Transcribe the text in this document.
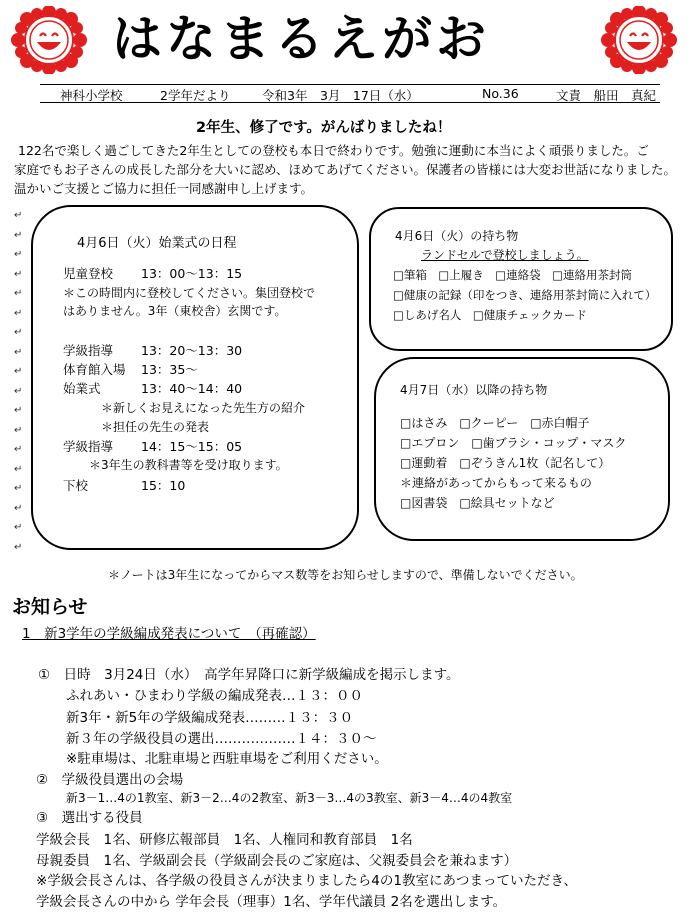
はなまるえがお
神科小学校	2学年だより	令和3年　3月　17日（水）	No.36	文責　船田　真紀
2年生、修了です。がんばりましたね！
122名で楽しく過ごしてきた2年生としての登校も本日で終わりです。勉強に運動に本当によく頑張りました。ご
家庭でもお子さんの成長した部分を大いに認め、ほめてあげてください。保護者の皆様には大変お世話になりました。
温かいご支援とご協力に担任一同感謝申し上げます。
↵
↵
↵
↵
↵
↵
↵
↵
↵
↵
↵
↵
↵
↵
↵
↵
↵
↵
4月6日（火）始業式の日程
児童登校 13：00～13：15
＊この時間内に登校してください。集団登校で
はありません。3年（東校舎）玄関です。
学級指導 13：20～13：30
体育館入場 13：35～
始業式	13：40～14：40
＊新しくお見えになった先生方の紹介
＊担任の先生の発表
学級指導 14：15～15：05
＊3年生の教科書等を受け取ります。
下校	15：10
4月6日（火）の持ち物
ランドセルで登校しましょう。
□筆箱　□上履き　□連絡袋　□連絡用茶封筒
□健康の記録（印をつき、連絡用茶封筒に入れて）
□しあげ名人　□健康チェックカード
4月7日（水）以降の持ち物
□はさみ　□クーピー　□赤白帽子
□エプロン　□歯ブラシ・コップ・マスク
□運動着　□ぞうきん1枚（記名して）
＊連絡があってからもって来るもの
□図書袋　□絵具セットなど
＊ノートは3年生になってからマス数等をお知らせしますので、準備しないでください。
お知らせ
1　新3学年の学級編成発表について　（再確認）
①　日時　3月24日（水）　高学年昇降口に新学級編成を掲示します。
ふれあい・ひまわり学級の編成発表…１３：００
新3年・新5年の学級編成発表………１３：３０
新３年の学級役員の選出………………１４：３０～
※駐車場は、北駐車場と西駐車場をご利用ください。
②　学級役員選出の会場
新3－1…4の1教室、新3－2…4の2教室、新3－3…4の3教室、新3－4…4の4教室
③　選出する役員
学級会長　1名、研修広報部員　1名、人権同和教育部員　1名
母親委員　1名、学級副会長（学級副会長のご家庭は、父親委員会を兼ねます）
※学級会長さんは、各学級の役員さんが決まりましたら4の1教室にあつまっていただき、
学級会長さんの中から 学年会長（理事）1名、学年代議員 2名を選出します。
